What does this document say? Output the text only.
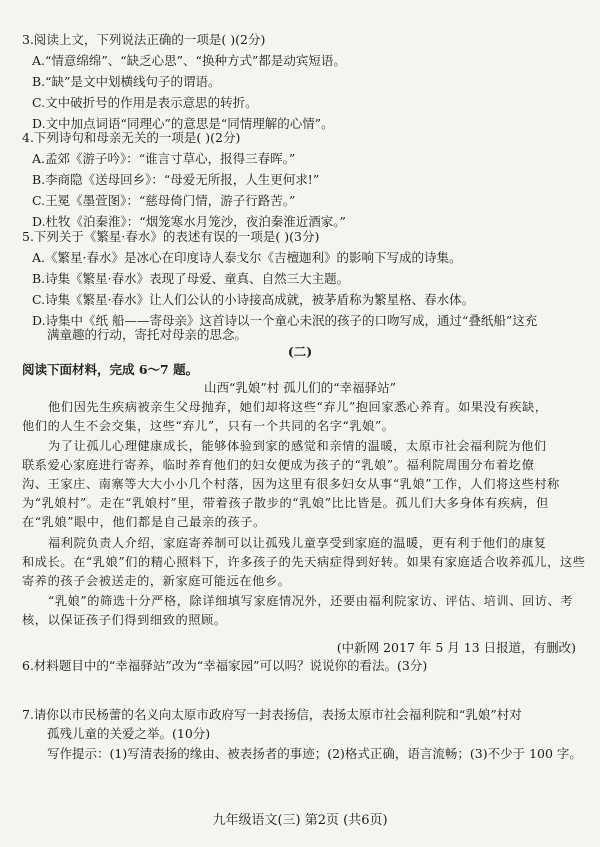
3.阅读上文，下列说法正确的一项是( )(2分)
A.“情意绵绵”、“缺乏心思”、“换种方式”都是动宾短语。
B.“缺”是文中划横线句子的谓语。
C.文中破折号的作用是表示意思的转折。
D.文中加点词语“同理心”的意思是“同情理解的心情”。
4.下列诗句和母亲无关的一项是( )(2分)
A.孟郊《游子吟》：“谁言寸草心，报得三春晖。”
B.李商隐《送母回乡》：“母爱无所报，人生更何求!”
C.王冕《墨萱图》：“慈母倚门情，游子行路苦。”
D.杜牧《泊秦淮》：“烟笼寒水月笼沙，夜泊秦淮近酒家。”
5.下列关于《繁星·春水》的表述有误的一项是( )(3分)
A.《繁星·春水》是冰心在印度诗人泰戈尔《吉檀迦利》的影响下写成的诗集。
B.诗集《繁星·春水》表现了母爱、童真、自然三大主题。
C.诗集《繁星·春水》让人们公认的小诗接高成就，被茅盾称为繁星格、春水体。
D.诗集中《纸 船——寄母亲》这首诗以一个童心未泯的孩子的口吻写成，通过“叠纸船”这充
满童趣的行动，寄托对母亲的思念。
(二)
阅读下面材料，完成 6～7 题。
山西“乳娘”村 孤儿们的“幸福驿站”
他们因先生疾病被亲生父母抛弃，她们却将这些“弃儿”抱回家悉心养育。如果没有疾缺，
他们的人生不会交集，这些“弃儿”，只有一个共同的名字“乳娘”。
为了让孤儿心理健康成长，能够体验到家的感觉和亲情的温暖，太原市社会福利院为他们
联系爱心家庭进行寄养，临时养育他们的妇女便成为孩子的“乳娘”。福利院周围分布着圪僚
沟、王家庄、南寨等大大小小几个村落，因为这里有很多妇女从事“乳娘”工作，人们将这些村称
为“乳娘村”。走在“乳娘村”里，带着孩子散步的“乳娘”比比皆是。孤儿们大多身体有疾病，但
在“乳娘”眼中，他们都是自己最亲的孩子。
福利院负责人介绍，家庭寄养制可以让孤残儿童享受到家庭的温暖，更有利于他们的康复
和成长。在“乳娘”们的精心照料下，许多孩子的先天病症得到好转。如果有家庭适合收养孤儿，这些
寄养的孩子会被送走的，新家庭可能远在他乡。
“乳娘”的筛选十分严格，除详细填写家庭情况外，还要由福利院家访、评估、培训、回访、考
核，以保证孩子们得到细致的照顾。
(中新网 2017 年 5 月 13 日报道，有删改)
6.材料题目中的“幸福驿站”改为“幸福家园”可以吗？说说你的看法。(3分)
7.请你以市民杨蕾的名义向太原市政府写一封表扬信，表扬太原市社会福利院和“乳娘”村对
孤残儿童的关爱之举。(10分)
写作提示：(1)写清表扬的缘由、被表扬者的事迹；(2)格式正确，语言流畅；(3)不少于 100 字。
九年级语文(三) 第2页 (共6页)
